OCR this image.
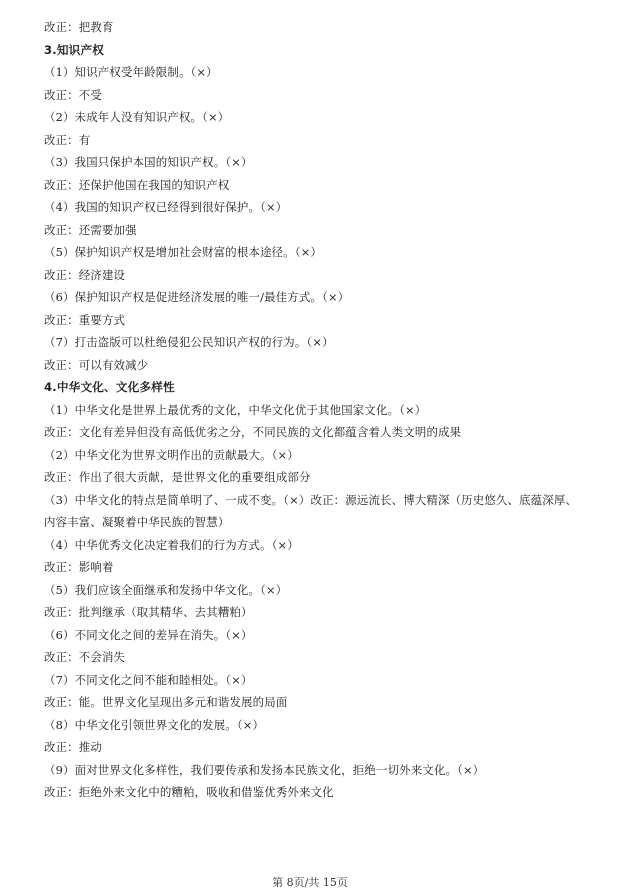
改正：把教育
3.知识产权
（1）知识产权受年龄限制。（×）
改正：不受
（2）未成年人没有知识产权。（×）
改正：有
（3）我国只保护本国的知识产权。（×）
改正：还保护他国在我国的知识产权
（4）我国的知识产权已经得到很好保护。（×）
改正：还需要加强
（5）保护知识产权是增加社会财富的根本途径。（×）
改正：经济建设
（6）保护知识产权是促进经济发展的唯一/最佳方式。（×）
改正：重要方式
（7）打击盗版可以杜绝侵犯公民知识产权的行为。（×）
改正：可以有效减少
4.中华文化、文化多样性
（1）中华文化是世界上最优秀的文化，中华文化优于其他国家文化。（×）
改正：文化有差异但没有高低优劣之分，不同民族的文化都蕴含着人类文明的成果
（2）中华文化为世界文明作出的贡献最大。（×）
改正：作出了很大贡献，是世界文化的重要组成部分
（3）中华文化的特点是简单明了、一成不变。（×）改正：源远流长、博大精深（历史悠久、底蕴深厚、
内容丰富、凝聚着中华民族的智慧）
（4）中华优秀文化决定着我们的行为方式。（×）
改正：影响着
（5）我们应该全面继承和发扬中华文化。（×）
改正：批判继承（取其精华、去其糟粕）
（6）不同文化之间的差异在消失。（×）
改正：不会消失
（7）不同文化之间不能和睦相处。（×）
改正：能。世界文化呈现出多元和谐发展的局面
（8）中华文化引领世界文化的发展。（×）
改正：推动
（9）面对世界文化多样性，我们要传承和发扬本民族文化，拒绝一切外来文化。（×）
改正：拒绝外来文化中的糟粕，吸收和借鉴优秀外来文化
第 8页/共 15页
